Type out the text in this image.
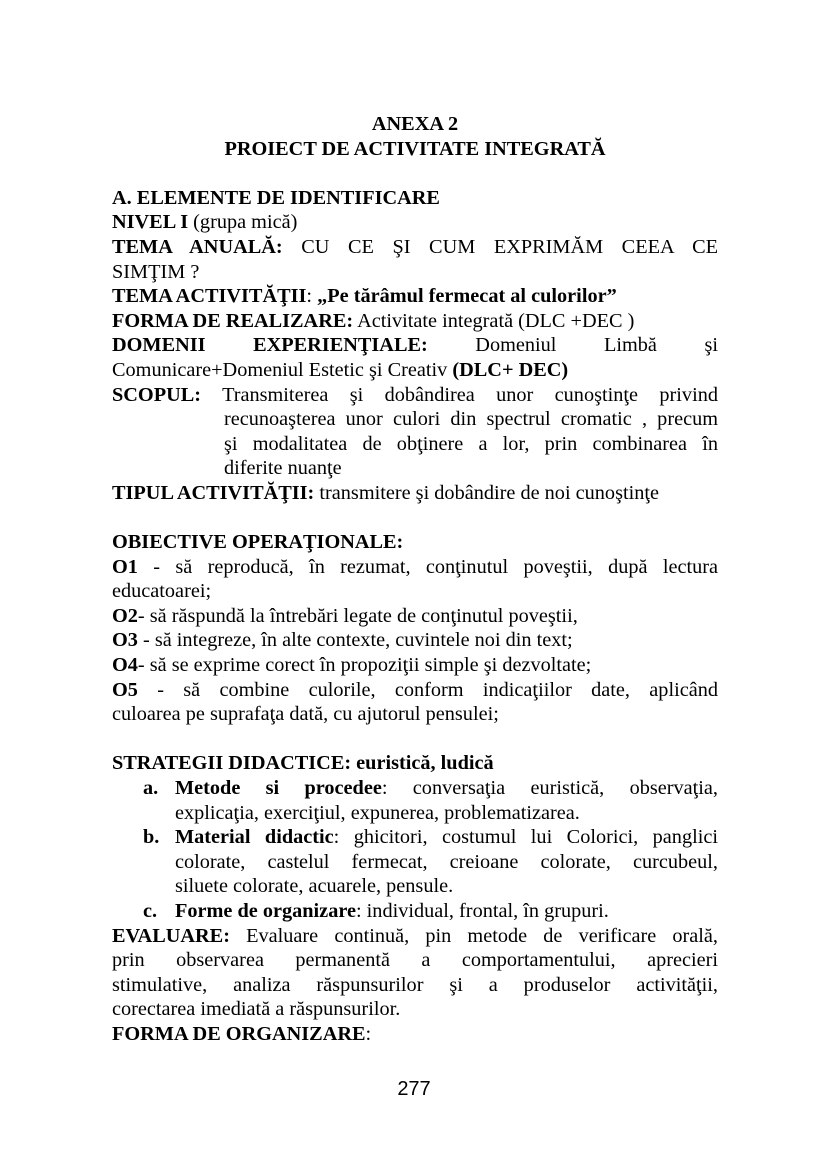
ANEXA 2
PROIECT DE ACTIVITATE INTEGRATĂ
A. ELEMENTE DE IDENTIFICARE
NIVEL I (grupa mică)
TEMA ANUALĂ: CU CE ŞI CUM EXPRIMĂM CEEA CE
SIMŢIM ?
TEMA ACTIVITĂŢII: „Pe tărâmul fermecat al culorilor”
FORMA DE REALIZARE: Activitate integrată (DLC +DEC )
DOMENII EXPERIENŢIALE: Domeniul Limbă şi
Comunicare+Domeniul Estetic şi Creativ (DLC+ DEC)
SCOPUL: Transmiterea şi dobândirea unor cunoştinţe privind
recunoaşterea unor culori din spectrul cromatic , precum
şi modalitatea de obţinere a lor, prin combinarea în
diferite nuanţe
TIPUL ACTIVITĂŢII: transmitere şi dobândire de noi cunoştinţe
OBIECTIVE OPERAŢIONALE:
O1 - să reproducă, în rezumat, conţinutul poveştii, după lectura
educatoarei;
O2- să răspundă la întrebări legate de conţinutul poveştii,
O3 - să integreze, în alte contexte, cuvintele noi din text;
O4- să se exprime corect în propoziţii simple şi dezvoltate;
O5 - să combine culorile, conform indicaţiilor date, aplicând
culoarea pe suprafaţa dată, cu ajutorul pensulei;
STRATEGII DIDACTICE: euristică, ludică
a. Metode si procedee: conversaţia euristică, observaţia,
explicaţia, exerciţiul, expunerea, problematizarea.
b. Material didactic: ghicitori, costumul lui Colorici, panglici
colorate, castelul fermecat, creioane colorate, curcubeul,
siluete colorate, acuarele, pensule.
c. Forme de organizare: individual, frontal, în grupuri.
EVALUARE: Evaluare continuă, pin metode de verificare orală,
prin observarea permanentă a comportamentului, aprecieri
stimulative, analiza răspunsurilor şi a produselor activităţii,
corectarea imediată a răspunsurilor.
FORMA DE ORGANIZARE:
277
